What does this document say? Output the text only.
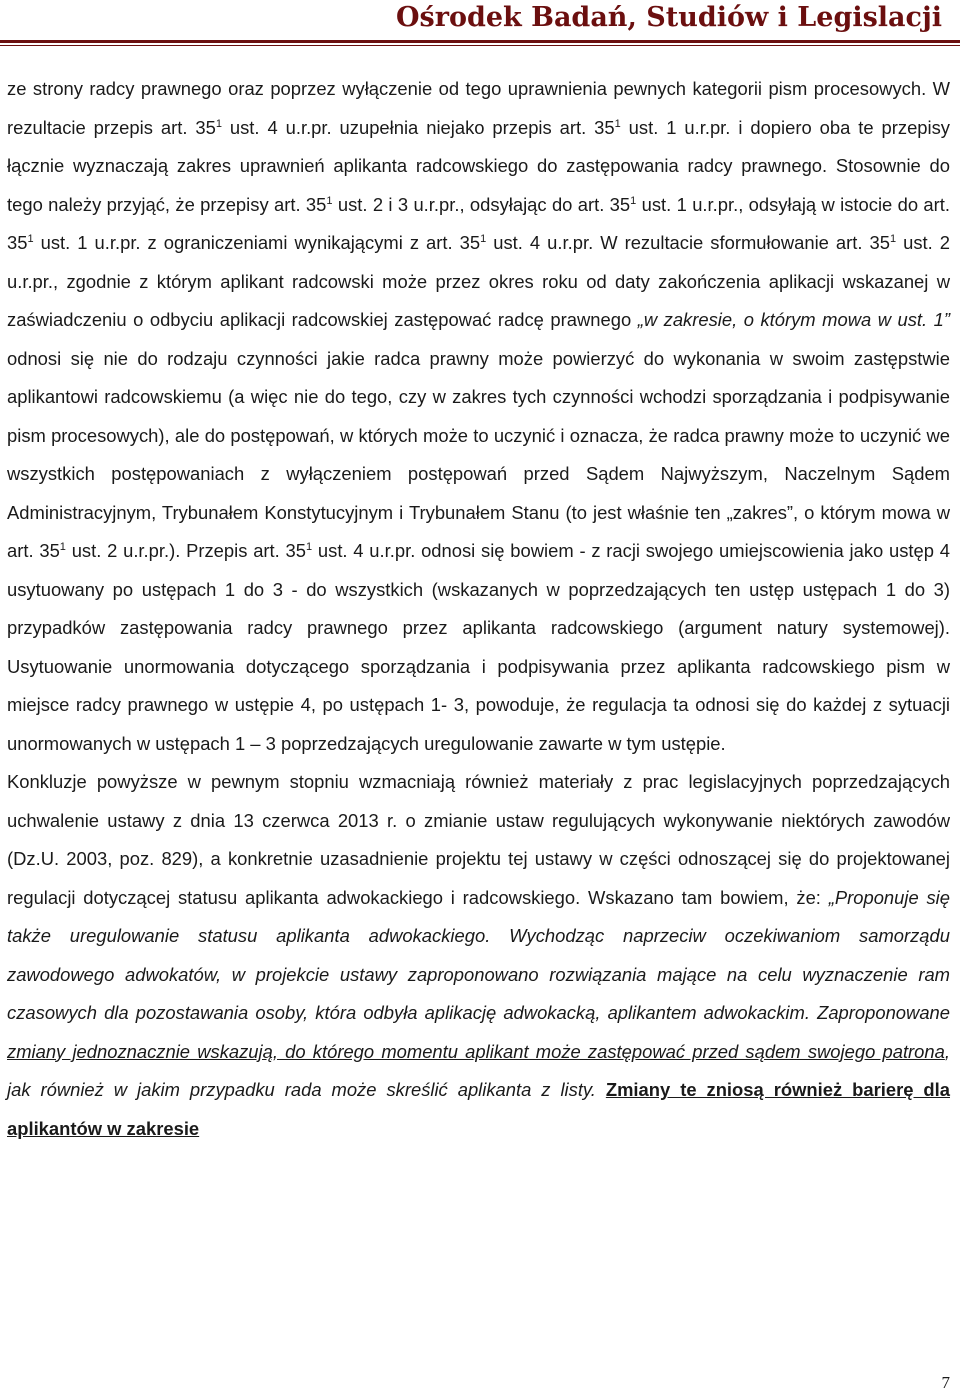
Ośrodek Badań, Studiów i Legislacji

ze strony radcy prawnego oraz poprzez wyłączenie od tego uprawnienia pewnych kategorii pism procesowych. W rezultacie przepis art. $35^1$ ust. 4 u.r.pr. uzupełnia niejako przepis art. $35^1$ ust. 1 u.r.pr. i dopiero oba te przepisy łącznie wyznaczają zakres uprawnień aplikanta radcowskiego do zastępowania radcy prawnego. Stosownie do tego należy przyjąć, że przepisy art. $35^1$ ust. 2 i 3 u.r.pr., odsyłając do art. $35^1$ ust. 1 u.r.pr., odsyłają w istocie do art. $35^1$ ust. 1 u.r.pr. z ograniczeniami wynikającymi z art. $35^1$ ust. 4 u.r.pr. W rezultacie sformułowanie art. $35^1$ ust. 2 u.r.pr., zgodnie z którym aplikant radcowski może przez okres roku od daty zakończenia aplikacji wskazanej w zaświadczeniu o odbyciu aplikacji radcowskiej zastępować radcę prawnego „w zakresie, o którym mowa w ust. 1” odnosi się nie do rodzaju czynności jakie radca prawny może powierzyć do wykonania w swoim zastępstwie aplikantowi radcowskiemu (a więc nie do tego, czy w zakres tych czynności wchodzi sporządzania i podpisywanie pism procesowych), ale do postępowań, w których może to uczynić i oznacza, że radca prawny może to uczynić we wszystkich postępowaniach z wyłączeniem postępowań przed Sądem Najwyższym, Naczelnym Sądem Administracyjnym, Trybunałem Konstytucyjnym i Trybunałem Stanu (to jest właśnie ten „zakres”, o którym mowa w art. $35^1$ ust. 2 u.r.pr.). Przepis art. $35^1$ ust. 4 u.r.pr. odnosi się bowiem - z racji swojego umiejscowienia jako ustęp 4 usytuowany po ustępach 1 do 3 - do wszystkich (wskazanych w poprzedzających ten ustęp ustępach 1 do 3) przypadków zastępowania radcy prawnego przez aplikanta radcowskiego (argument natury systemowej). Usytuowanie unormowania dotyczącego sporządzania i podpisywania przez aplikanta radcowskiego pism w miejsce radcy prawnego w ustępie 4, po ustępach 1- 3, powoduje, że regulacja ta odnosi się do każdej z sytuacji unormowanych w ustępach 1 – 3 poprzedzających uregulowanie zawarte w tym ustępie.

Konkluzje powyższe w pewnym stopniu wzmacniają również materiały z prac legislacyjnych poprzedzających uchwalenie ustawy z dnia 13 czerwca 2013 r. o zmianie ustaw regulujących wykonywanie niektórych zawodów (Dz.U. 2003, poz. 829), a konkretnie uzasadnienie projektu tej ustawy w części odnoszącej się do projektowanej regulacji dotyczącej statusu aplikanta adwokackiego i radcowskiego. Wskazano tam bowiem, że: „Proponuje się także uregulowanie statusu aplikanta adwokackiego. Wychodząc naprzeciw oczekiwaniom samorządu zawodowego adwokatów, w projekcie ustawy zaproponowano rozwiązania mające na celu wyznaczenie ram czasowych dla pozostawania osoby, która odbyła aplikację adwokacką, aplikantem adwokackim. Zaproponowane zmiany jednoznacznie wskazują, do którego momentu aplikant może zastępować przed sądem swojego patrona, jak również w jakim przypadku rada może skreślić aplikanta z listy. Zmiany te zniosą również barierę dla aplikantów w zakresie

7
